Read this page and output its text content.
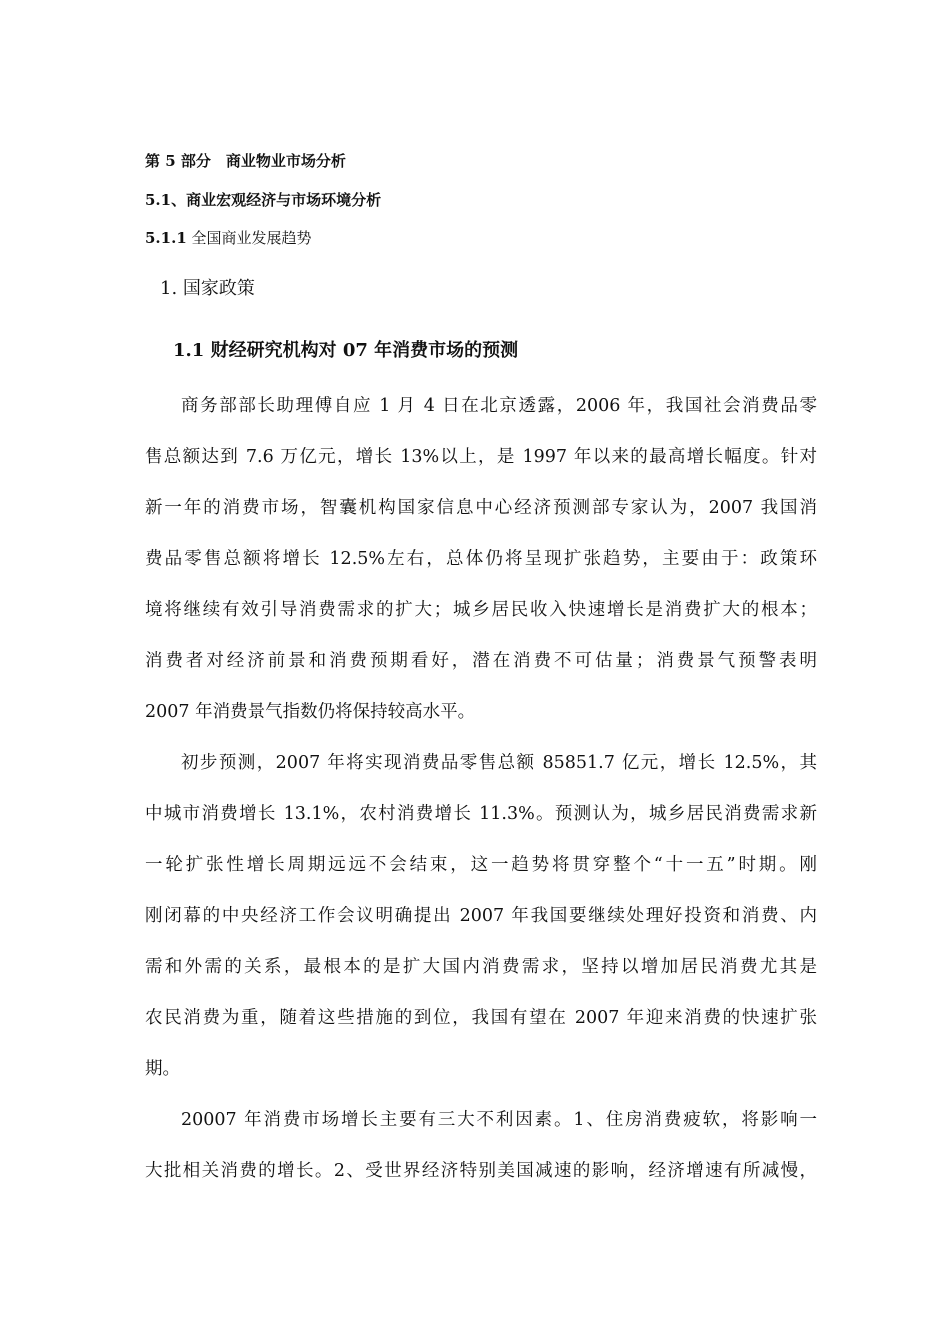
第 5 部分　商业物业市场分析
5.1、商业宏观经济与市场环境分析
5.1.1 全国商业发展趋势
1. 国家政策
1.1 财经研究机构对 07 年消费市场的预测
商务部部长助理傅自应 1 月 4 日在北京透露，2006 年，我国社会消费品零
售总额达到 7.6 万亿元，增长 13%以上，是 1997 年以来的最高增长幅度。针对
新一年的消费市场，智囊机构国家信息中心经济预测部专家认为，2007 我国消
费品零售总额将增长 12.5%左右，总体仍将呈现扩张趋势，主要由于：政策环
境将继续有效引导消费需求的扩大；城乡居民收入快速增长是消费扩大的根本；
消费者对经济前景和消费预期看好，潜在消费不可估量；消费景气预警表明
2007 年消费景气指数仍将保持较高水平。
初步预测，2007 年将实现消费品零售总额 85851.7 亿元，增长 12.5%，其
中城市消费增长 13.1%，农村消费增长 11.3%。预测认为，城乡居民消费需求新
一轮扩张性增长周期远远不会结束，这一趋势将贯穿整个“十一五”时期。刚
刚闭幕的中央经济工作会议明确提出 2007 年我国要继续处理好投资和消费、内
需和外需的关系，最根本的是扩大国内消费需求，坚持以增加居民消费尤其是
农民消费为重，随着这些措施的到位，我国有望在 2007 年迎来消费的快速扩张
期。
20007 年消费市场增长主要有三大不利因素。1、住房消费疲软，将影响一
大批相关消费的增长。2、受世界经济特别美国减速的影响，经济增速有所减慢，
